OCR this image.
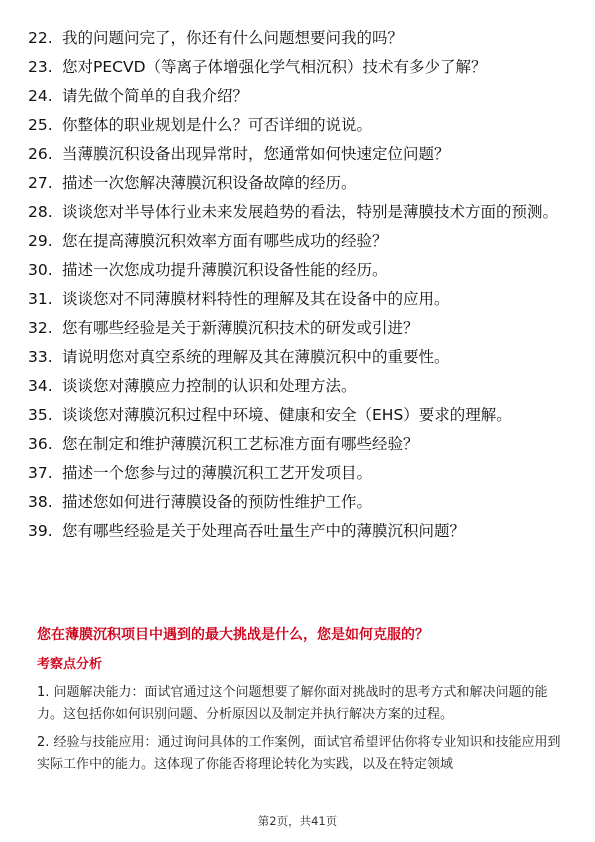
22. 我的问题问完了，你还有什么问题想要问我的吗？
23. 您对PECVD（等离子体增强化学气相沉积）技术有多少了解？
24. 请先做个简单的自我介绍？
25. 你整体的职业规划是什么？可否详细的说说。
26. 当薄膜沉积设备出现异常时，您通常如何快速定位问题？
27. 描述一次您解决薄膜沉积设备故障的经历。
28. 谈谈您对半导体行业未来发展趋势的看法，特别是薄膜技术方面的预测。
29. 您在提高薄膜沉积效率方面有哪些成功的经验？
30. 描述一次您成功提升薄膜沉积设备性能的经历。
31. 谈谈您对不同薄膜材料特性的理解及其在设备中的应用。
32. 您有哪些经验是关于新薄膜沉积技术的研发或引进？
33. 请说明您对真空系统的理解及其在薄膜沉积中的重要性。
34. 谈谈您对薄膜应力控制的认识和处理方法。
35. 谈谈您对薄膜沉积过程中环境、健康和安全（EHS）要求的理解。
36. 您在制定和维护薄膜沉积工艺标准方面有哪些经验？
37. 描述一个您参与过的薄膜沉积工艺开发项目。
38. 描述您如何进行薄膜设备的预防性维护工作。
39. 您有哪些经验是关于处理高吞吐量生产中的薄膜沉积问题？
您在薄膜沉积项目中遇到的最大挑战是什么，您是如何克服的？
考察点分析

1. 问题解决能力：面试官通过这个问题想要了解你面对挑战时的思考方式和解决问题的能力。这包括你如何识别问题、分析原因以及制定并执行解决方案的过程。

2. 经验与技能应用：通过询问具体的工作案例，面试官希望评估你将专业知识和技能应用到实际工作中的能力。这体现了你能否将理论转化为实践，以及在特定领域

第2页，共41页
